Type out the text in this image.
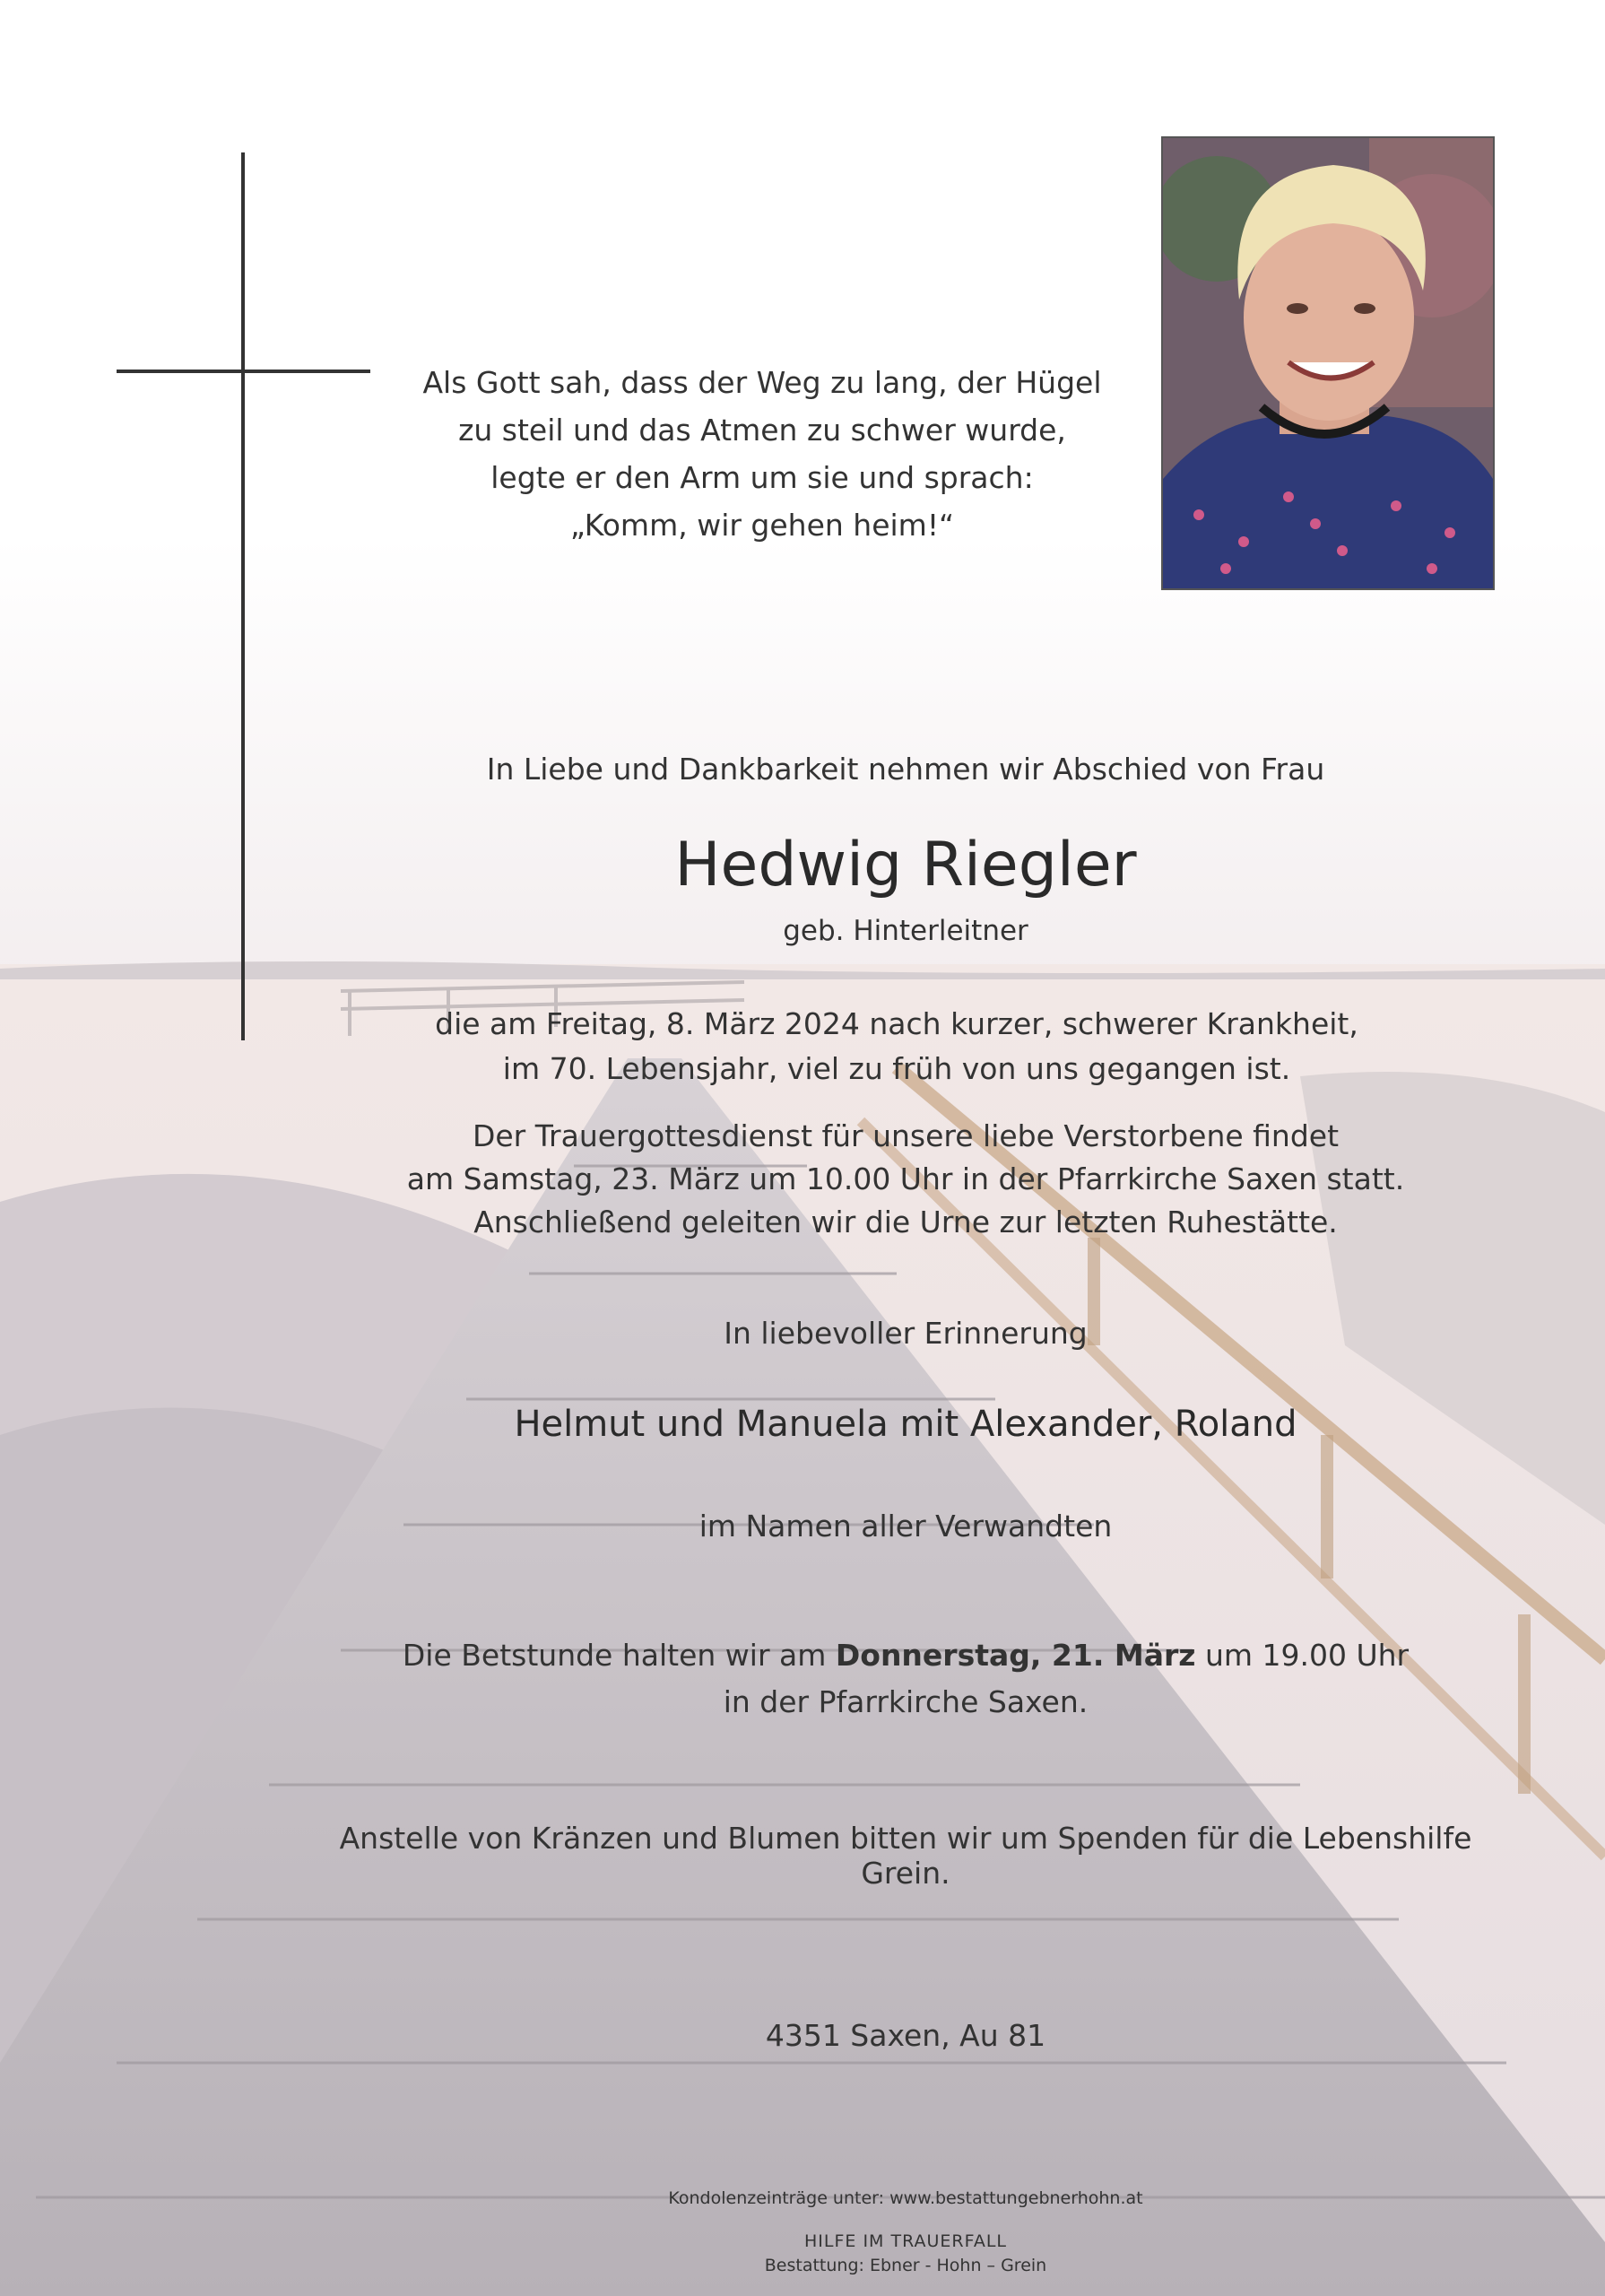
Als Gott sah, dass der Weg zu lang, der Hügel
zu steil und das Atmen zu schwer wurde,
legte er den Arm um sie und sprach:
„Komm, wir gehen heim!“
In Liebe und Dankbarkeit nehmen wir Abschied von Frau
Hedwig Riegler
geb. Hinterleitner
die am Freitag, 8. März 2024 nach kurzer, schwerer Krankheit,
im 70. Lebensjahr, viel zu früh von uns gegangen ist.
Der Trauergottesdienst für unsere liebe Verstorbene findet
am Samstag, 23. März um 10.00 Uhr in der Pfarrkirche Saxen statt.
Anschließend geleiten wir die Urne zur letzten Ruhestätte.
In liebevoller Erinnerung
Helmut und Manuela mit Alexander, Roland
im Namen aller Verwandten
Die Betstunde halten wir am Donnerstag, 21. März um 19.00 Uhr
in der Pfarrkirche Saxen.
Anstelle von Kränzen und Blumen bitten wir um Spenden für die Lebenshilfe Grein.
4351 Saxen, Au 81
Kondolenzeinträge unter: www.bestattungebnerhohn.at
HILFE IM TRAUERFALL
Bestattung: Ebner - Hohn – Grein
